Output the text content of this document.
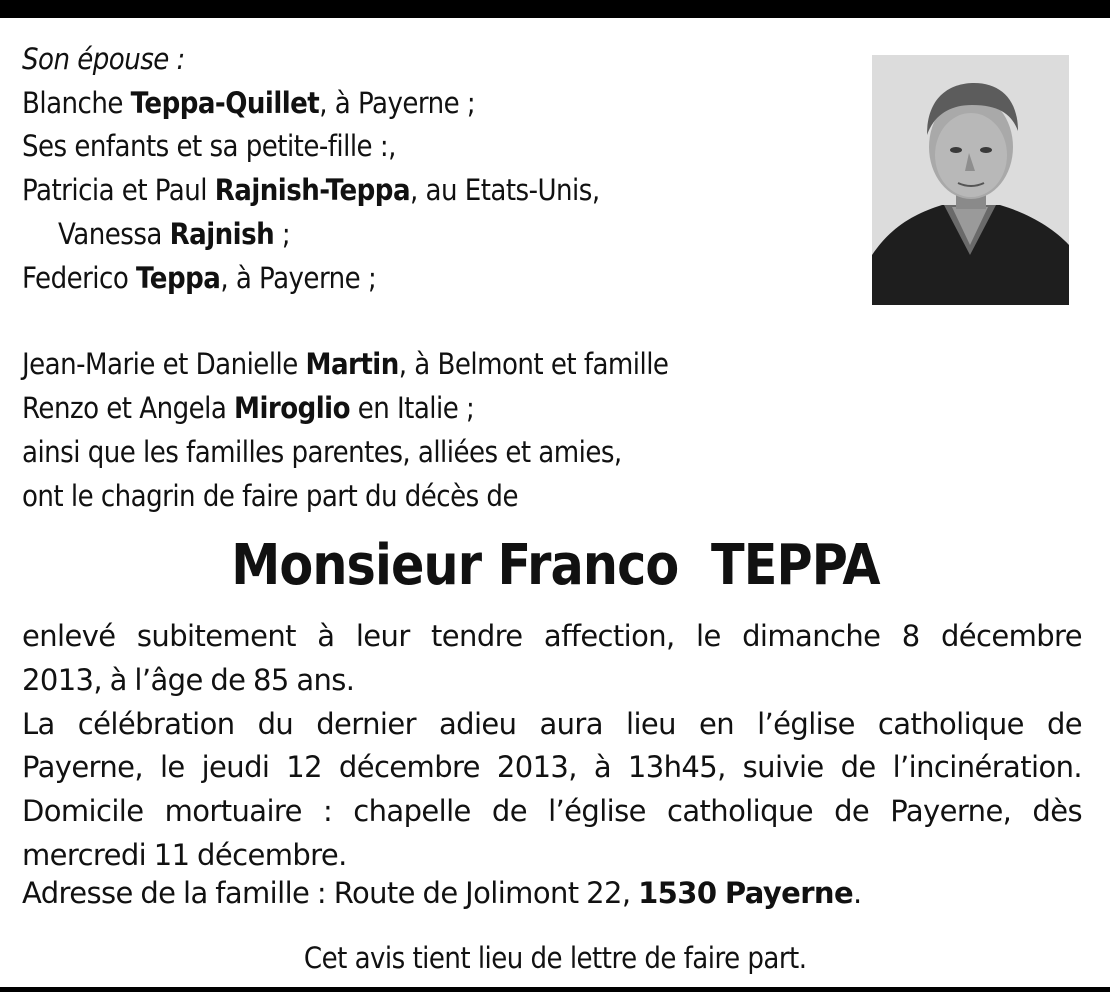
Son épouse :
Blanche Teppa-Quillet, à Payerne ;
Ses enfants et sa petite-fille :,
Patricia et Paul Rajnish-Teppa, au Etats-Unis,
Vanessa Rajnish ;
Federico Teppa, à Payerne ;
Jean-Marie et Danielle Martin, à Belmont et famille
Renzo et Angela Miroglio en Italie ;
ainsi que les familles parentes, alliées et amies,
ont le chagrin de faire part du décès de
Monsieur Franco  TEPPA
enlevé subitement à leur tendre affection, le dimanche 8 décembre
2013, à l’âge de 85 ans.
La célébration du dernier adieu aura lieu en l’église catholique de
Payerne, le jeudi 12 décembre 2013, à 13h45, suivie de l’incinération.
Domicile mortuaire : chapelle de l’église catholique de Payerne, dès
mercredi 11 décembre.
Adresse de la famille : Route de Jolimont 22, 1530 Payerne.
Cet avis tient lieu de lettre de faire part.
